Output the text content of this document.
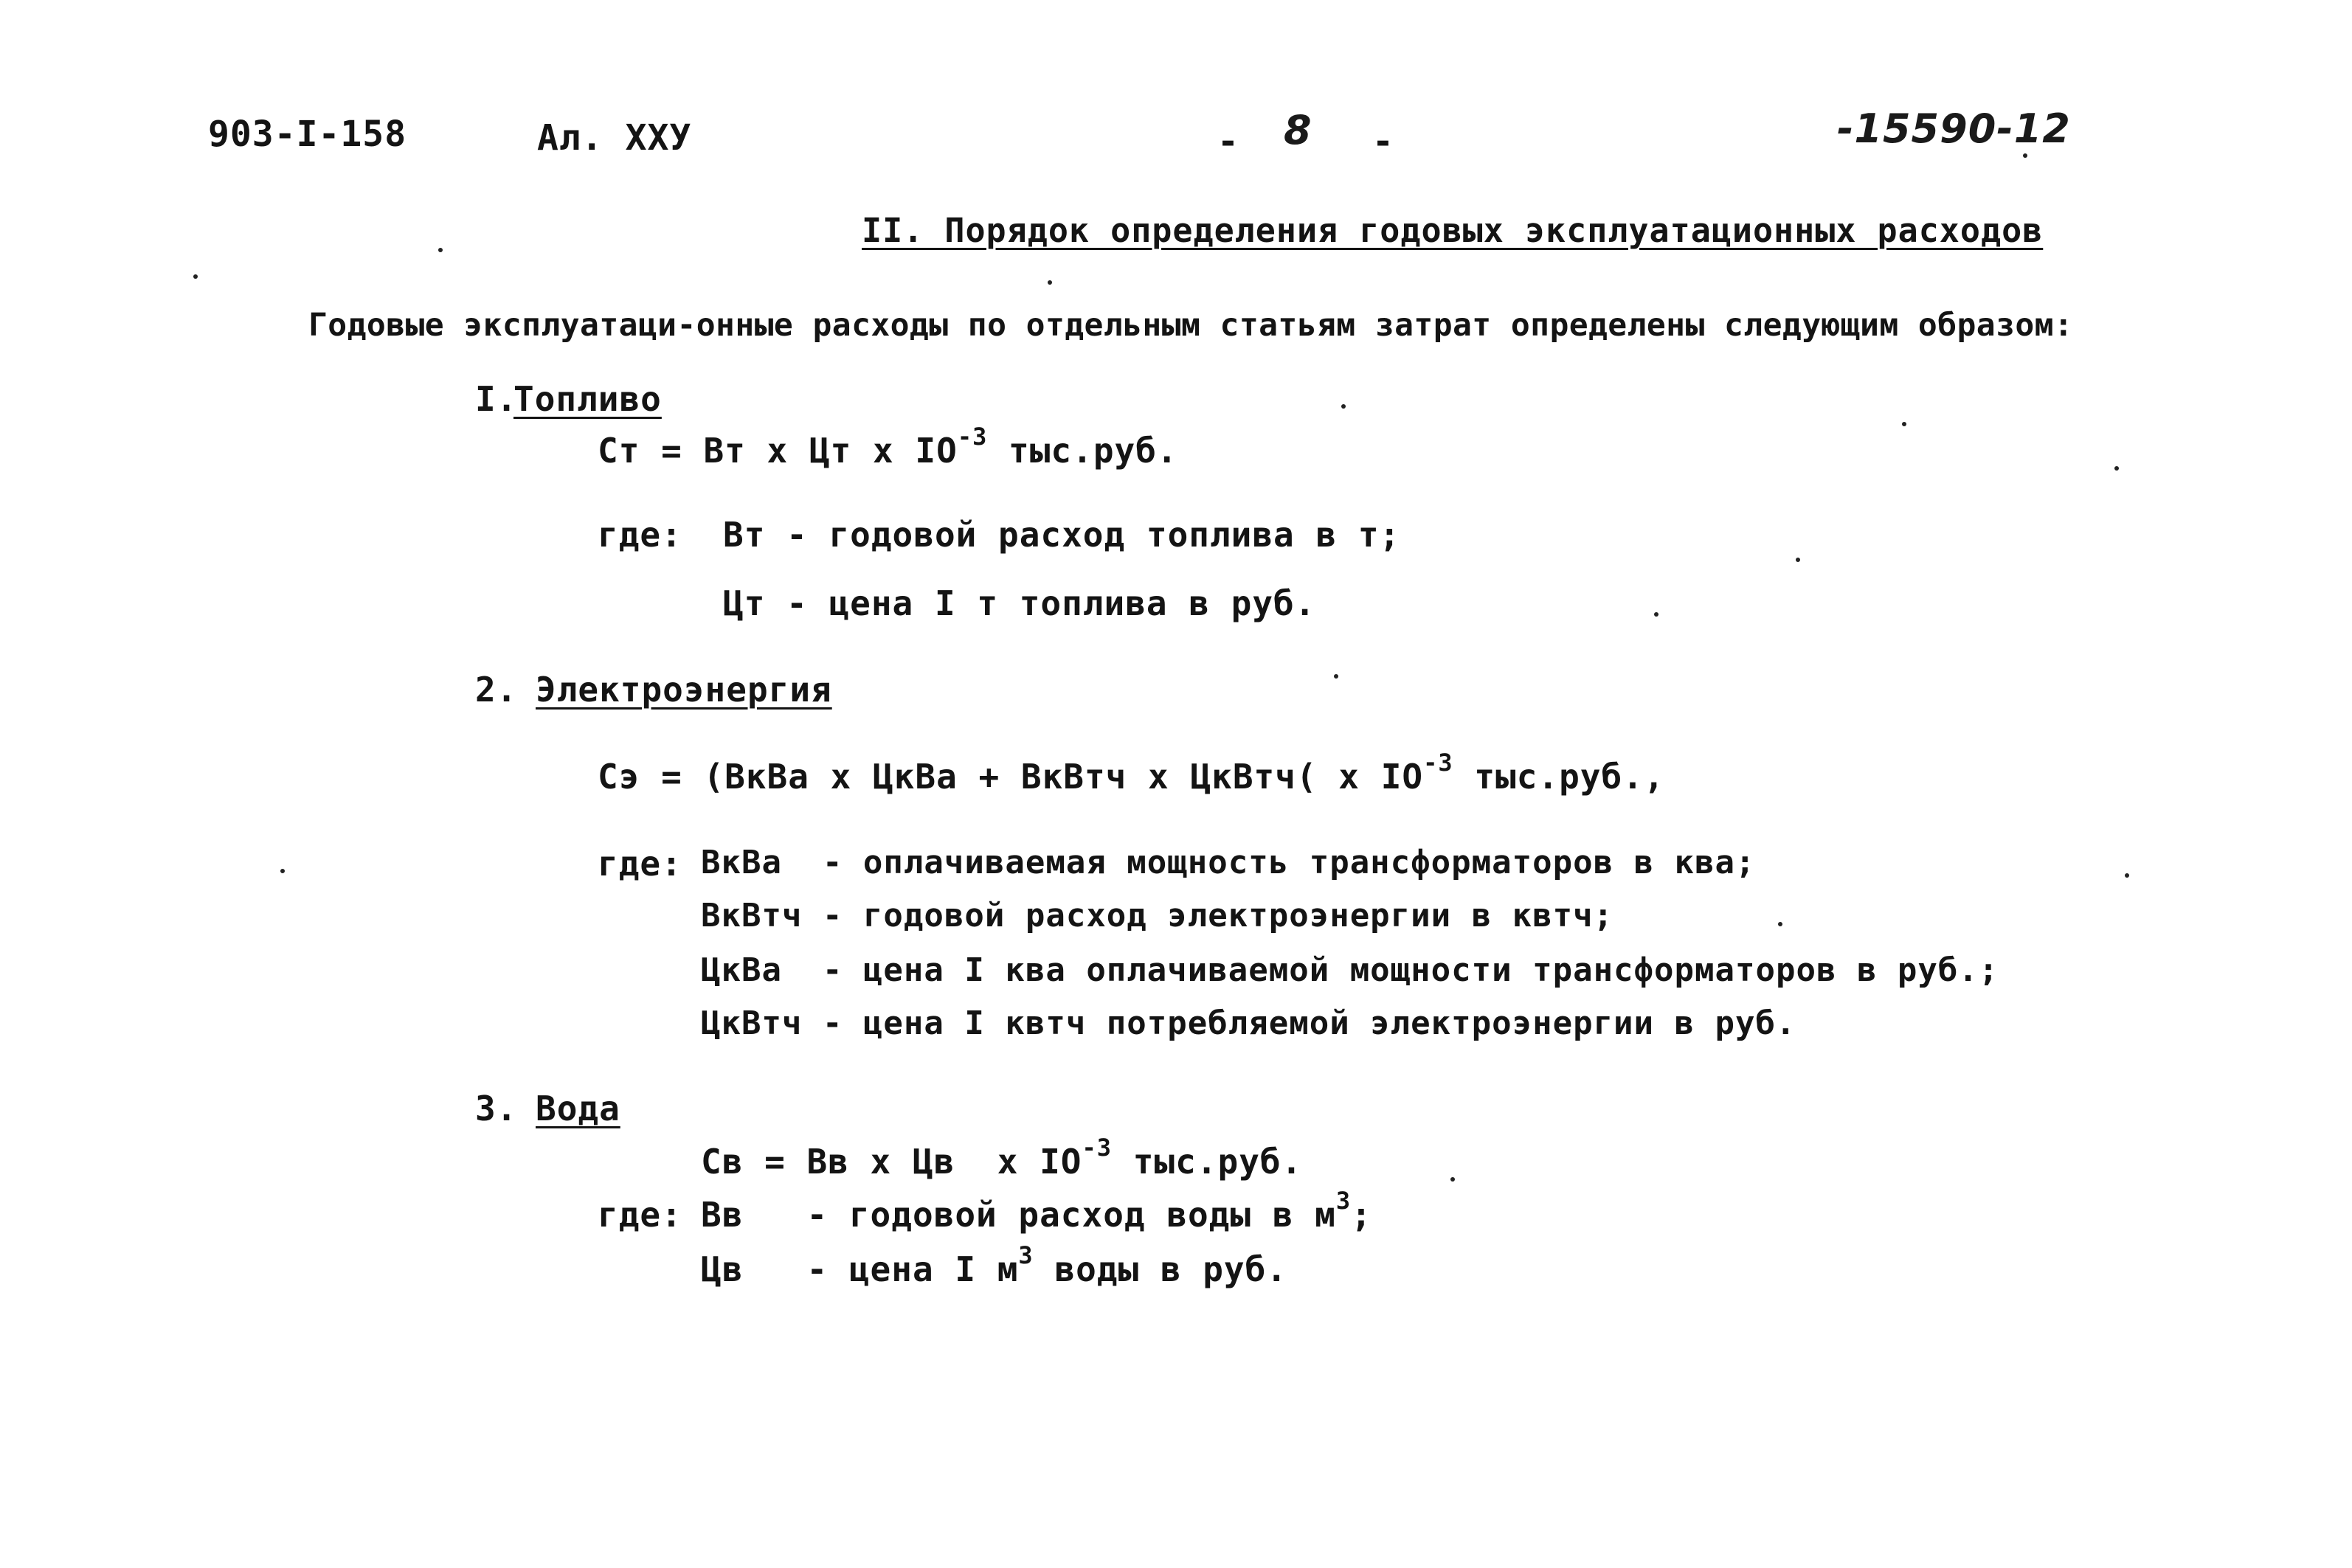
903-I-158	Ал. XXУ	- 8 -	-15590-12
II. Порядок определения годовых эксплуатационных расходов
Годовые эксплуатаци-онные расходы по отдельным статьям затрат определены следующим образом:
I.
Топливо
Ст = Вт x Цт x $IO^{-3}$ тыс.руб.
где: Вт - годовой расход топлива в т;
Цт - цена I т топлива в руб.
2. Электроэнергия
Сэ = (ВкВа x ЦкВа + ВкВтч x ЦкВтч( x $IO^{-3}$ тыс.руб.,
где: ВкВа  - оплачиваемая мощность трансформаторов в ква;
ВкВтч - годовой расход электроэнергии в квтч;
ЦкВа  - цена I ква оплачиваемой мощности трансформаторов в руб.;
ЦкВтч - цена I квтч потребляемой электроэнергии в руб.
3. Вода
Св = Вв x Цв  x $IO^{-3}$ тыс.руб.
где: Вв   - годовой расход воды в $м^3$;
Цв   - цена I $м^3$ воды в руб.
